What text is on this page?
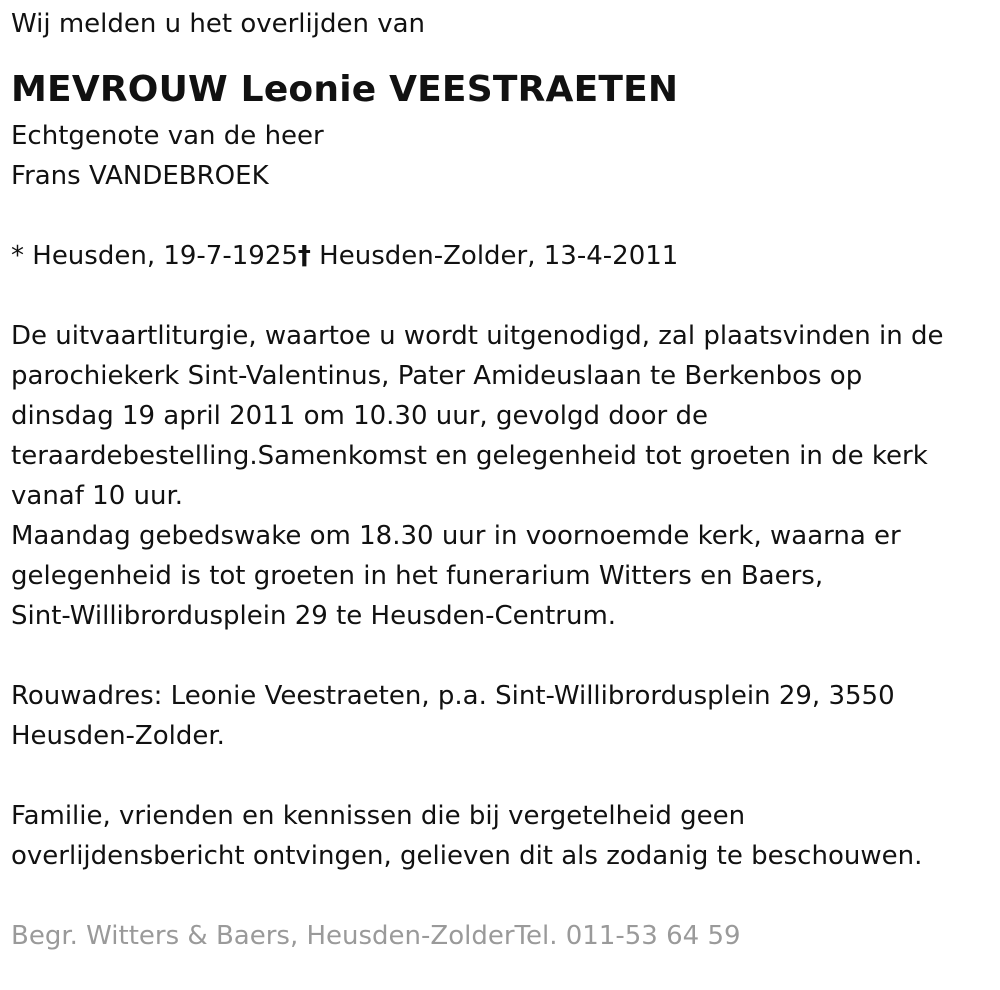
Wij melden u het overlijden van
MEVROUW Leonie VEESTRAETEN
Echtgenote van de heer
Frans VANDEBROEK
* Heusden, 19-7-1925† Heusden-Zolder, 13-4-2011
De uitvaartliturgie, waartoe u wordt uitgenodigd, zal plaatsvinden in de
parochiekerk Sint-Valentinus, Pater Amideuslaan te Berkenbos op
dinsdag 19 april 2011 om 10.30 uur, gevolgd door de
teraardebestelling.Samenkomst en gelegenheid tot groeten in de kerk
vanaf 10 uur.
Maandag gebedswake om 18.30 uur in voornoemde kerk, waarna er
gelegenheid is tot groeten in het funerarium Witters en Baers,
Sint-Willibrordusplein 29 te Heusden-Centrum.
Rouwadres: Leonie Veestraeten, p.a. Sint-Willibrordusplein 29, 3550
Heusden-Zolder.
Familie, vrienden en kennissen die bij vergetelheid geen
overlijdensbericht ontvingen, gelieven dit als zodanig te beschouwen.
Begr. Witters & Baers, Heusden-ZolderTel. 011-53 64 59
